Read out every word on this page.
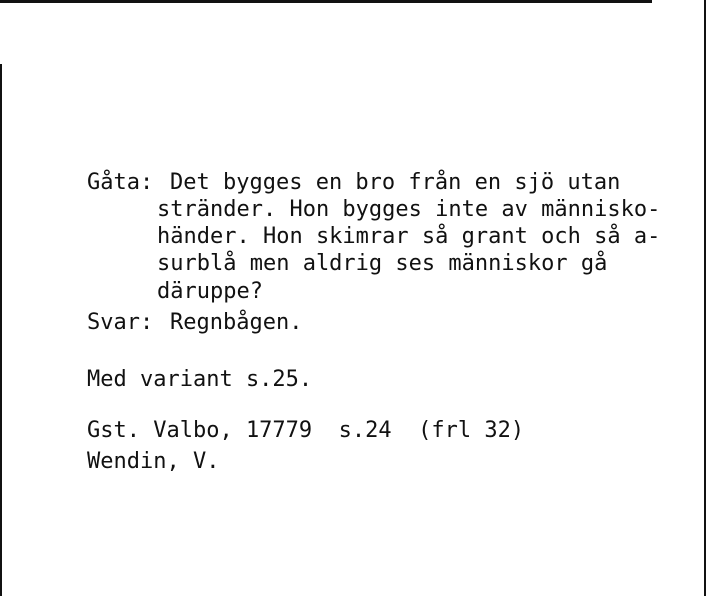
Gåta: Det bygges en bro från en sjö utan
stränder. Hon bygges inte av människo-
händer. Hon skimrar så grant och så a-
surblå men aldrig ses människor gå
däruppe?
Svar: Regnbågen.
Med variant s.25.
Gst. Valbo, 17779  s.24  (frl 32)
Wendin, V.
